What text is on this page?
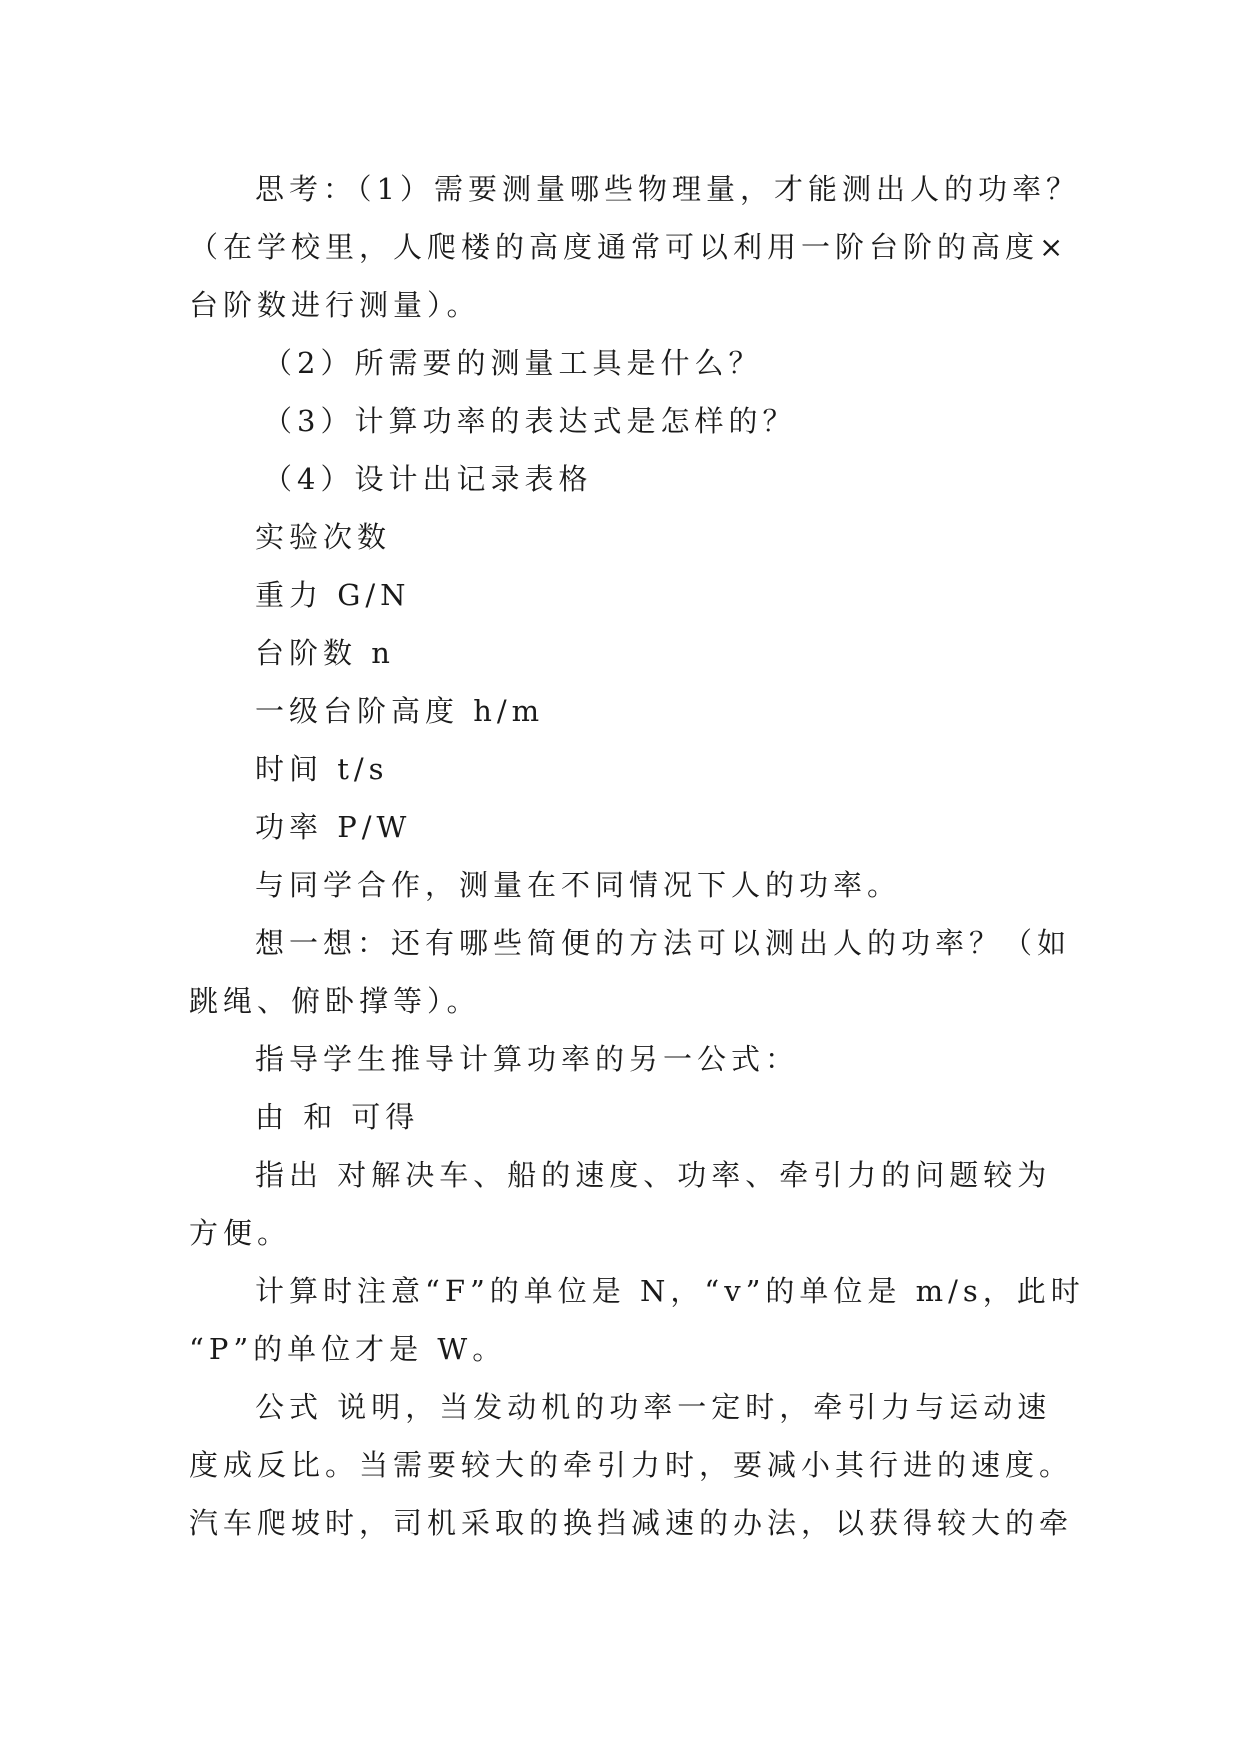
思考：（1）需要测量哪些物理量，才能测出人的功率？
（在学校里，人爬楼的高度通常可以利用一阶台阶的高度×
台阶数进行测量）。
（2）所需要的测量工具是什么？
（3）计算功率的表达式是怎样的？
（4）设计出记录表格
实验次数
重力 G/N
台阶数 n
一级台阶高度 h/m
时间 t/s
功率 P/W
与同学合作，测量在不同情况下人的功率。
想一想：还有哪些简便的方法可以测出人的功率？（如
跳绳、俯卧撑等）。
指导学生推导计算功率的另一公式：
由 和 可得
指出 对解决车、船的速度、功率、牵引力的问题较为
方便。
计算时注意“F”的单位是 N，“v”的单位是 m/s，此时
“P”的单位才是 W。
公式 说明，当发动机的功率一定时，牵引力与运动速
度成反比。当需要较大的牵引力时，要减小其行进的速度。
汽车爬坡时，司机采取的换挡减速的办法，以获得较大的牵
